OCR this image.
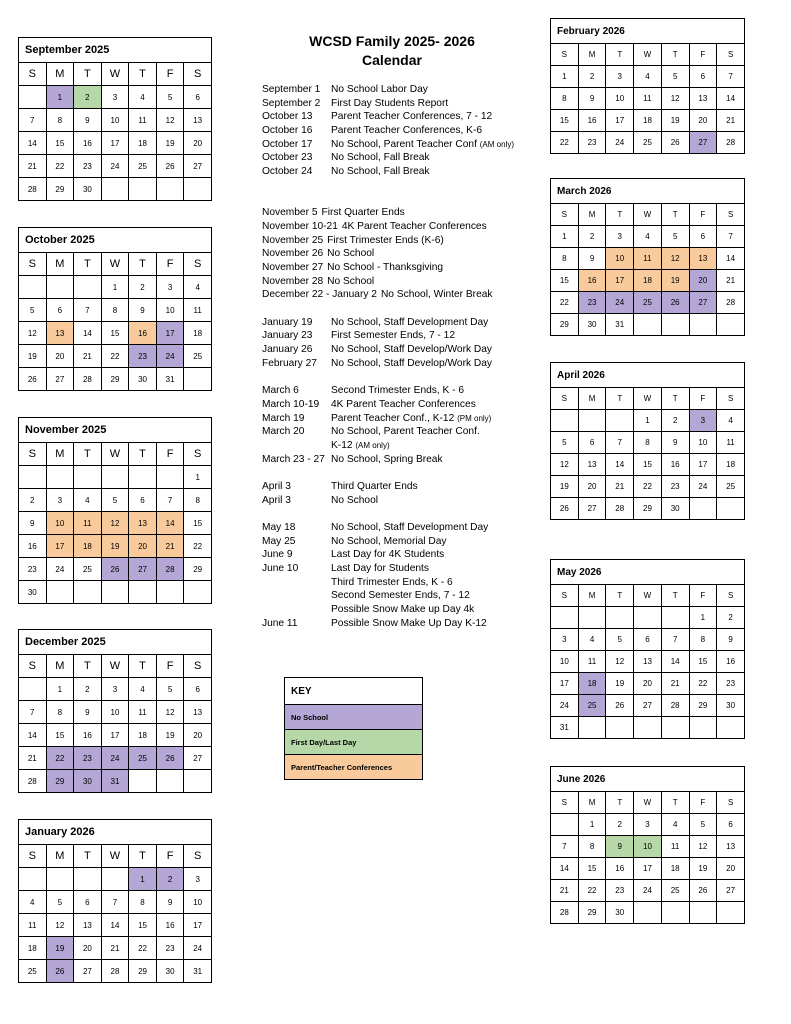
WCSD Family 2025- 2026
Calendar
September 1	No School Labor Day
September 2	First Day Students Report
October 13	Parent Teacher Conferences, 7 - 12
October 16	Parent Teacher Conferences, K-6
October 17	No School, Parent Teacher Conf (AM only)
October 23	No School, Fall Break
October 24	No School, Fall Break
November 5 First Quarter Ends
November 10-21 4K Parent Teacher Conferences
November 25 First Trimester Ends (K-6)
November 26 No School
November 27 No School - Thanksgiving
November 28 No School
December 22 - January 2 No School, Winter Break
January 19	No School, Staff Development Day
January 23	First Semester Ends, 7 - 12
January 26	No School, Staff Develop/Work Day
February 27	No School, Staff Develop/Work Day
March 6	Second Trimester Ends, K - 6
March 10-19	4K Parent Teacher Conferences
March 19	Parent Teacher Conf., K-12 (PM only)
March 20	No School, Parent Teacher Conf.
K-12 (AM only)
March 23 - 27 No School, Spring Break
April 3	Third Quarter Ends
April 3	No School
May 18	No School, Staff Development Day
May 25	No School, Memorial Day
June 9	Last Day for 4K Students
June 10	Last Day for Students
Third Trimester Ends, K - 6
Second Semester Ends, 7 - 12
Possible Snow Make up Day 4k
June 11	Possible Snow Make Up Day K-12
KEY
No School
First Day/Last Day
Parent/Teacher Conferences
September 2025						
S	M	T	W	T	F	S
	1	2	3	4	5	6
7	8	9	10	11	12	13
14	15	16	17	18	19	20
21	22	23	24	25	26	27
28	29	30				
October 2025						
S	M	T	W	T	F	S
			1	2	3	4
5	6	7	8	9	10	11
12	13	14	15	16	17	18
19	20	21	22	23	24	25
26	27	28	29	30	31	
November 2025						
S	M	T	W	T	F	S
						1
2	3	4	5	6	7	8
9	10	11	12	13	14	15
16	17	18	19	20	21	22
23	24	25	26	27	28	29
30						
December 2025						
S	M	T	W	T	F	S
	1	2	3	4	5	6
7	8	9	10	11	12	13
14	15	16	17	18	19	20
21	22	23	24	25	26	27
28	29	30	31			
January 2026						
S	M	T	W	T	F	S
				1	2	3
4	5	6	7	8	9	10
11	12	13	14	15	16	17
18	19	20	21	22	23	24
25	26	27	28	29	30	31
February 2026						
S	M	T	W	T	F	S
1	2	3	4	5	6	7
8	9	10	11	12	13	14
15	16	17	18	19	20	21
22	23	24	25	26	27	28
March 2026						
S	M	T	W	T	F	S
1	2	3	4	5	6	7
8	9	10	11	12	13	14
15	16	17	18	19	20	21
22	23	24	25	26	27	28
29	30	31				
April 2026						
S	M	T	W	T	F	S
			1	2	3	4
5	6	7	8	9	10	11
12	13	14	15	16	17	18
19	20	21	22	23	24	25
26	27	28	29	30		
May 2026						
S	M	T	W	T	F	S
					1	2
3	4	5	6	7	8	9
10	11	12	13	14	15	16
17	18	19	20	21	22	23
24	25	26	27	28	29	30
31						
June 2026						
S	M	T	W	T	F	S
	1	2	3	4	5	6
7	8	9	10	11	12	13
14	15	16	17	18	19	20
21	22	23	24	25	26	27
28	29	30				
